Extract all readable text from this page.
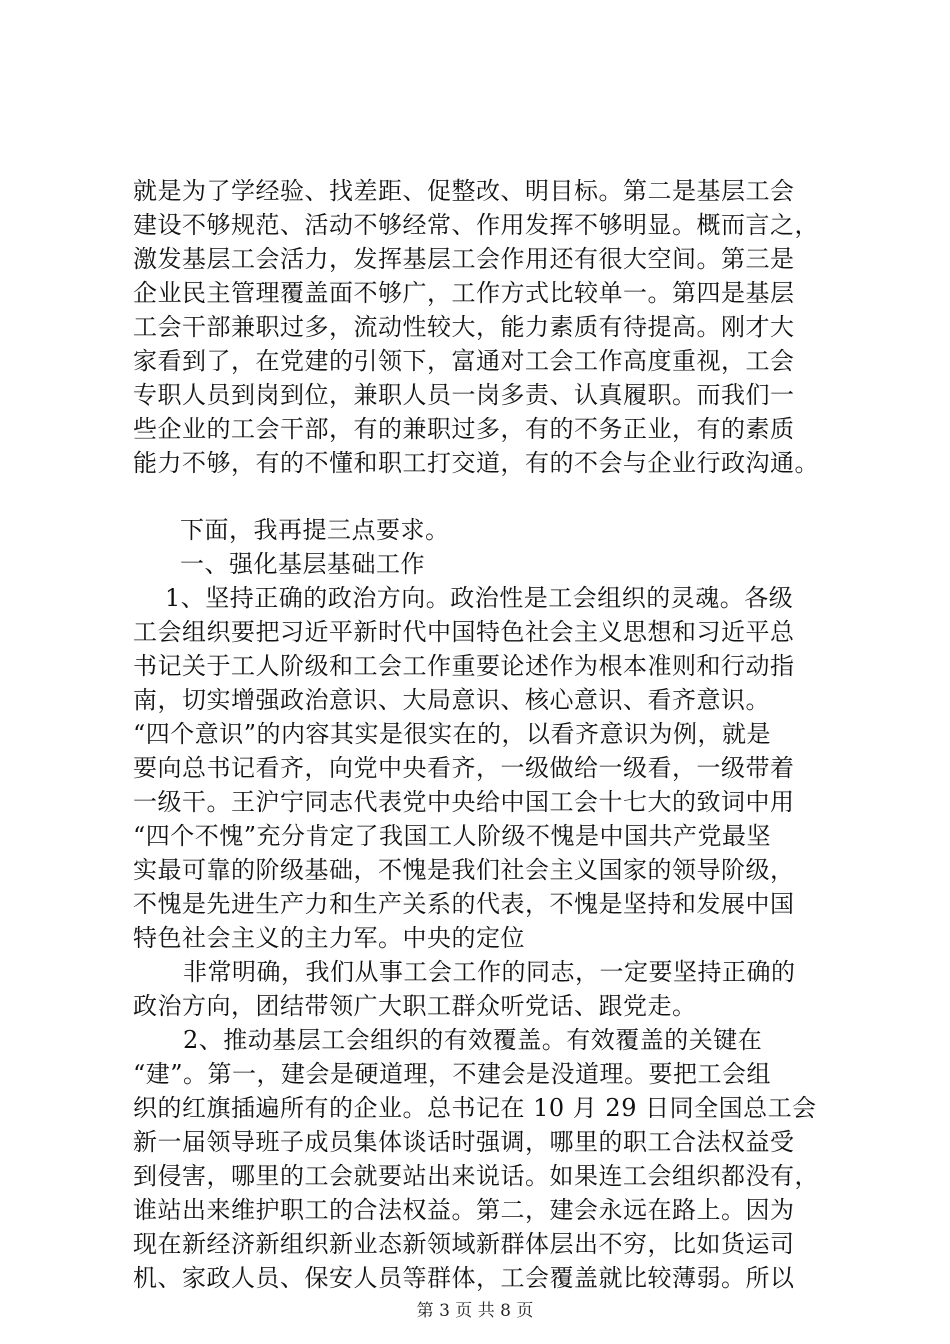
就是为了学经验、找差距、促整改、明目标。第二是基层工会
建设不够规范、活动不够经常、作用发挥不够明显。概而言之，
激发基层工会活力，发挥基层工会作用还有很大空间。第三是
企业民主管理覆盖面不够广，工作方式比较单一。第四是基层
工会干部兼职过多，流动性较大，能力素质有待提高。刚才大
家看到了，在党建的引领下，富通对工会工作高度重视，工会
专职人员到岗到位，兼职人员一岗多责、认真履职。而我们一
些企业的工会干部，有的兼职过多，有的不务正业，有的素质
能力不够，有的不懂和职工打交道，有的不会与企业行政沟通。
下面，我再提三点要求。
一、强化基层基础工作
1、坚持正确的政治方向。政治性是工会组织的灵魂。各级
工会组织要把习近平新时代中国特色社会主义思想和习近平总
书记关于工人阶级和工会工作重要论述作为根本准则和行动指
南，切实增强政治意识、大局意识、核心意识、看齐意识。
“四个意识”的内容其实是很实在的，以看齐意识为例，就是
要向总书记看齐，向党中央看齐，一级做给一级看，一级带着
一级干。王沪宁同志代表党中央给中国工会十七大的致词中用
“四个不愧”充分肯定了我国工人阶级不愧是中国共产党最坚
实最可靠的阶级基础，不愧是我们社会主义国家的领导阶级，
不愧是先进生产力和生产关系的代表，不愧是坚持和发展中国
特色社会主义的主力军。中央的定位
非常明确，我们从事工会工作的同志，一定要坚持正确的
政治方向，团结带领广大职工群众听党话、跟党走。
2、推动基层工会组织的有效覆盖。有效覆盖的关键在
“建”。第一，建会是硬道理，不建会是没道理。要把工会组
织的红旗插遍所有的企业。总书记在 10 月 29 日同全国总工会
新一届领导班子成员集体谈话时强调，哪里的职工合法权益受
到侵害，哪里的工会就要站出来说话。如果连工会组织都没有，
谁站出来维护职工的合法权益。第二，建会永远在路上。因为
现在新经济新组织新业态新领域新群体层出不穷，比如货运司
机、家政人员、保安人员等群体，工会覆盖就比较薄弱。所以
第 3 页 共 8 页
